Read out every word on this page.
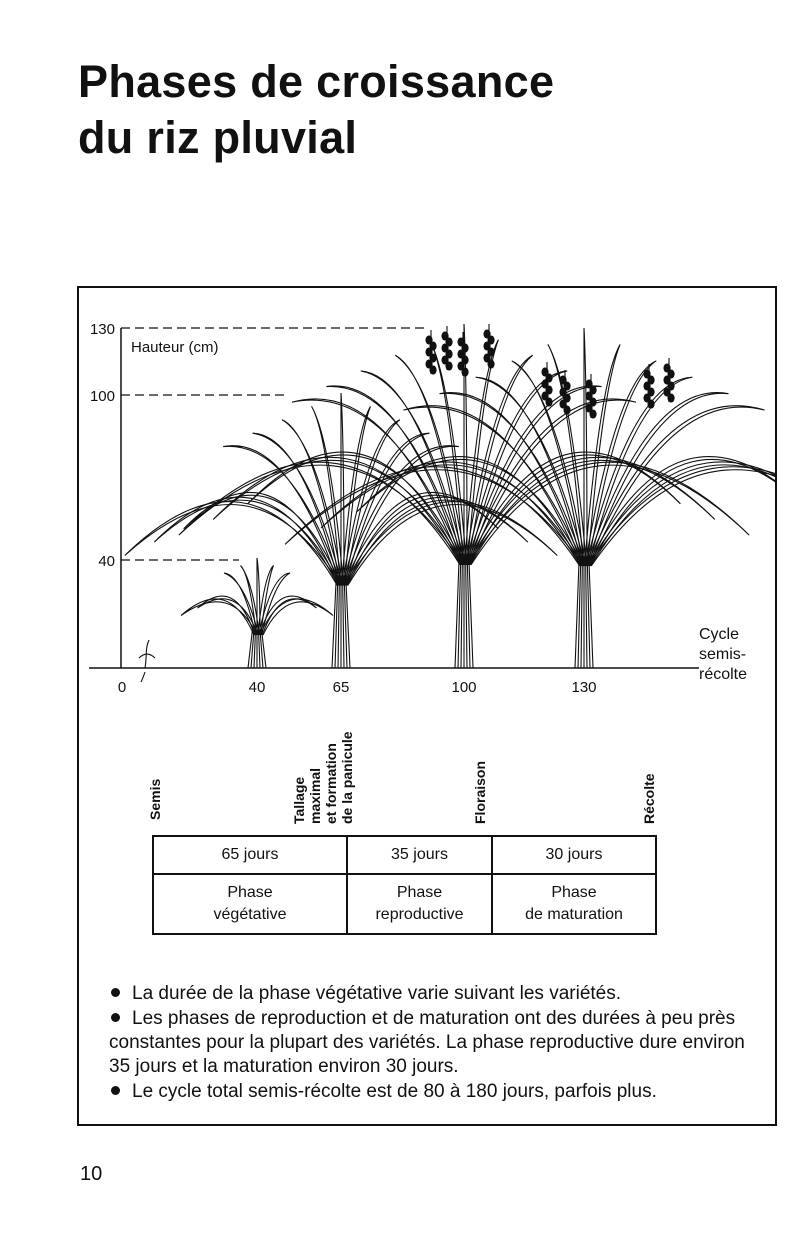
Phases de croissance
du riz pluvial
130
100
40
Hauteur (cm)
0	40	65	100	130
Cycle
semis-
récolte
Semis	Tallage maximal et formation de la panicule	Floraison	Récolte
65 jours	35 jours	30 jours

Phase
végétative	Phase
reproductive	Phase
de maturation
La durée de la phase végétative varie suivant les variétés.
Les phases de reproduction et de maturation ont des durées à peu près constantes pour la plupart des variétés. La phase reproductive dure environ 35 jours et la maturation environ 30 jours.
Le cycle total semis-récolte est de 80 à 180 jours, parfois plus.
10
